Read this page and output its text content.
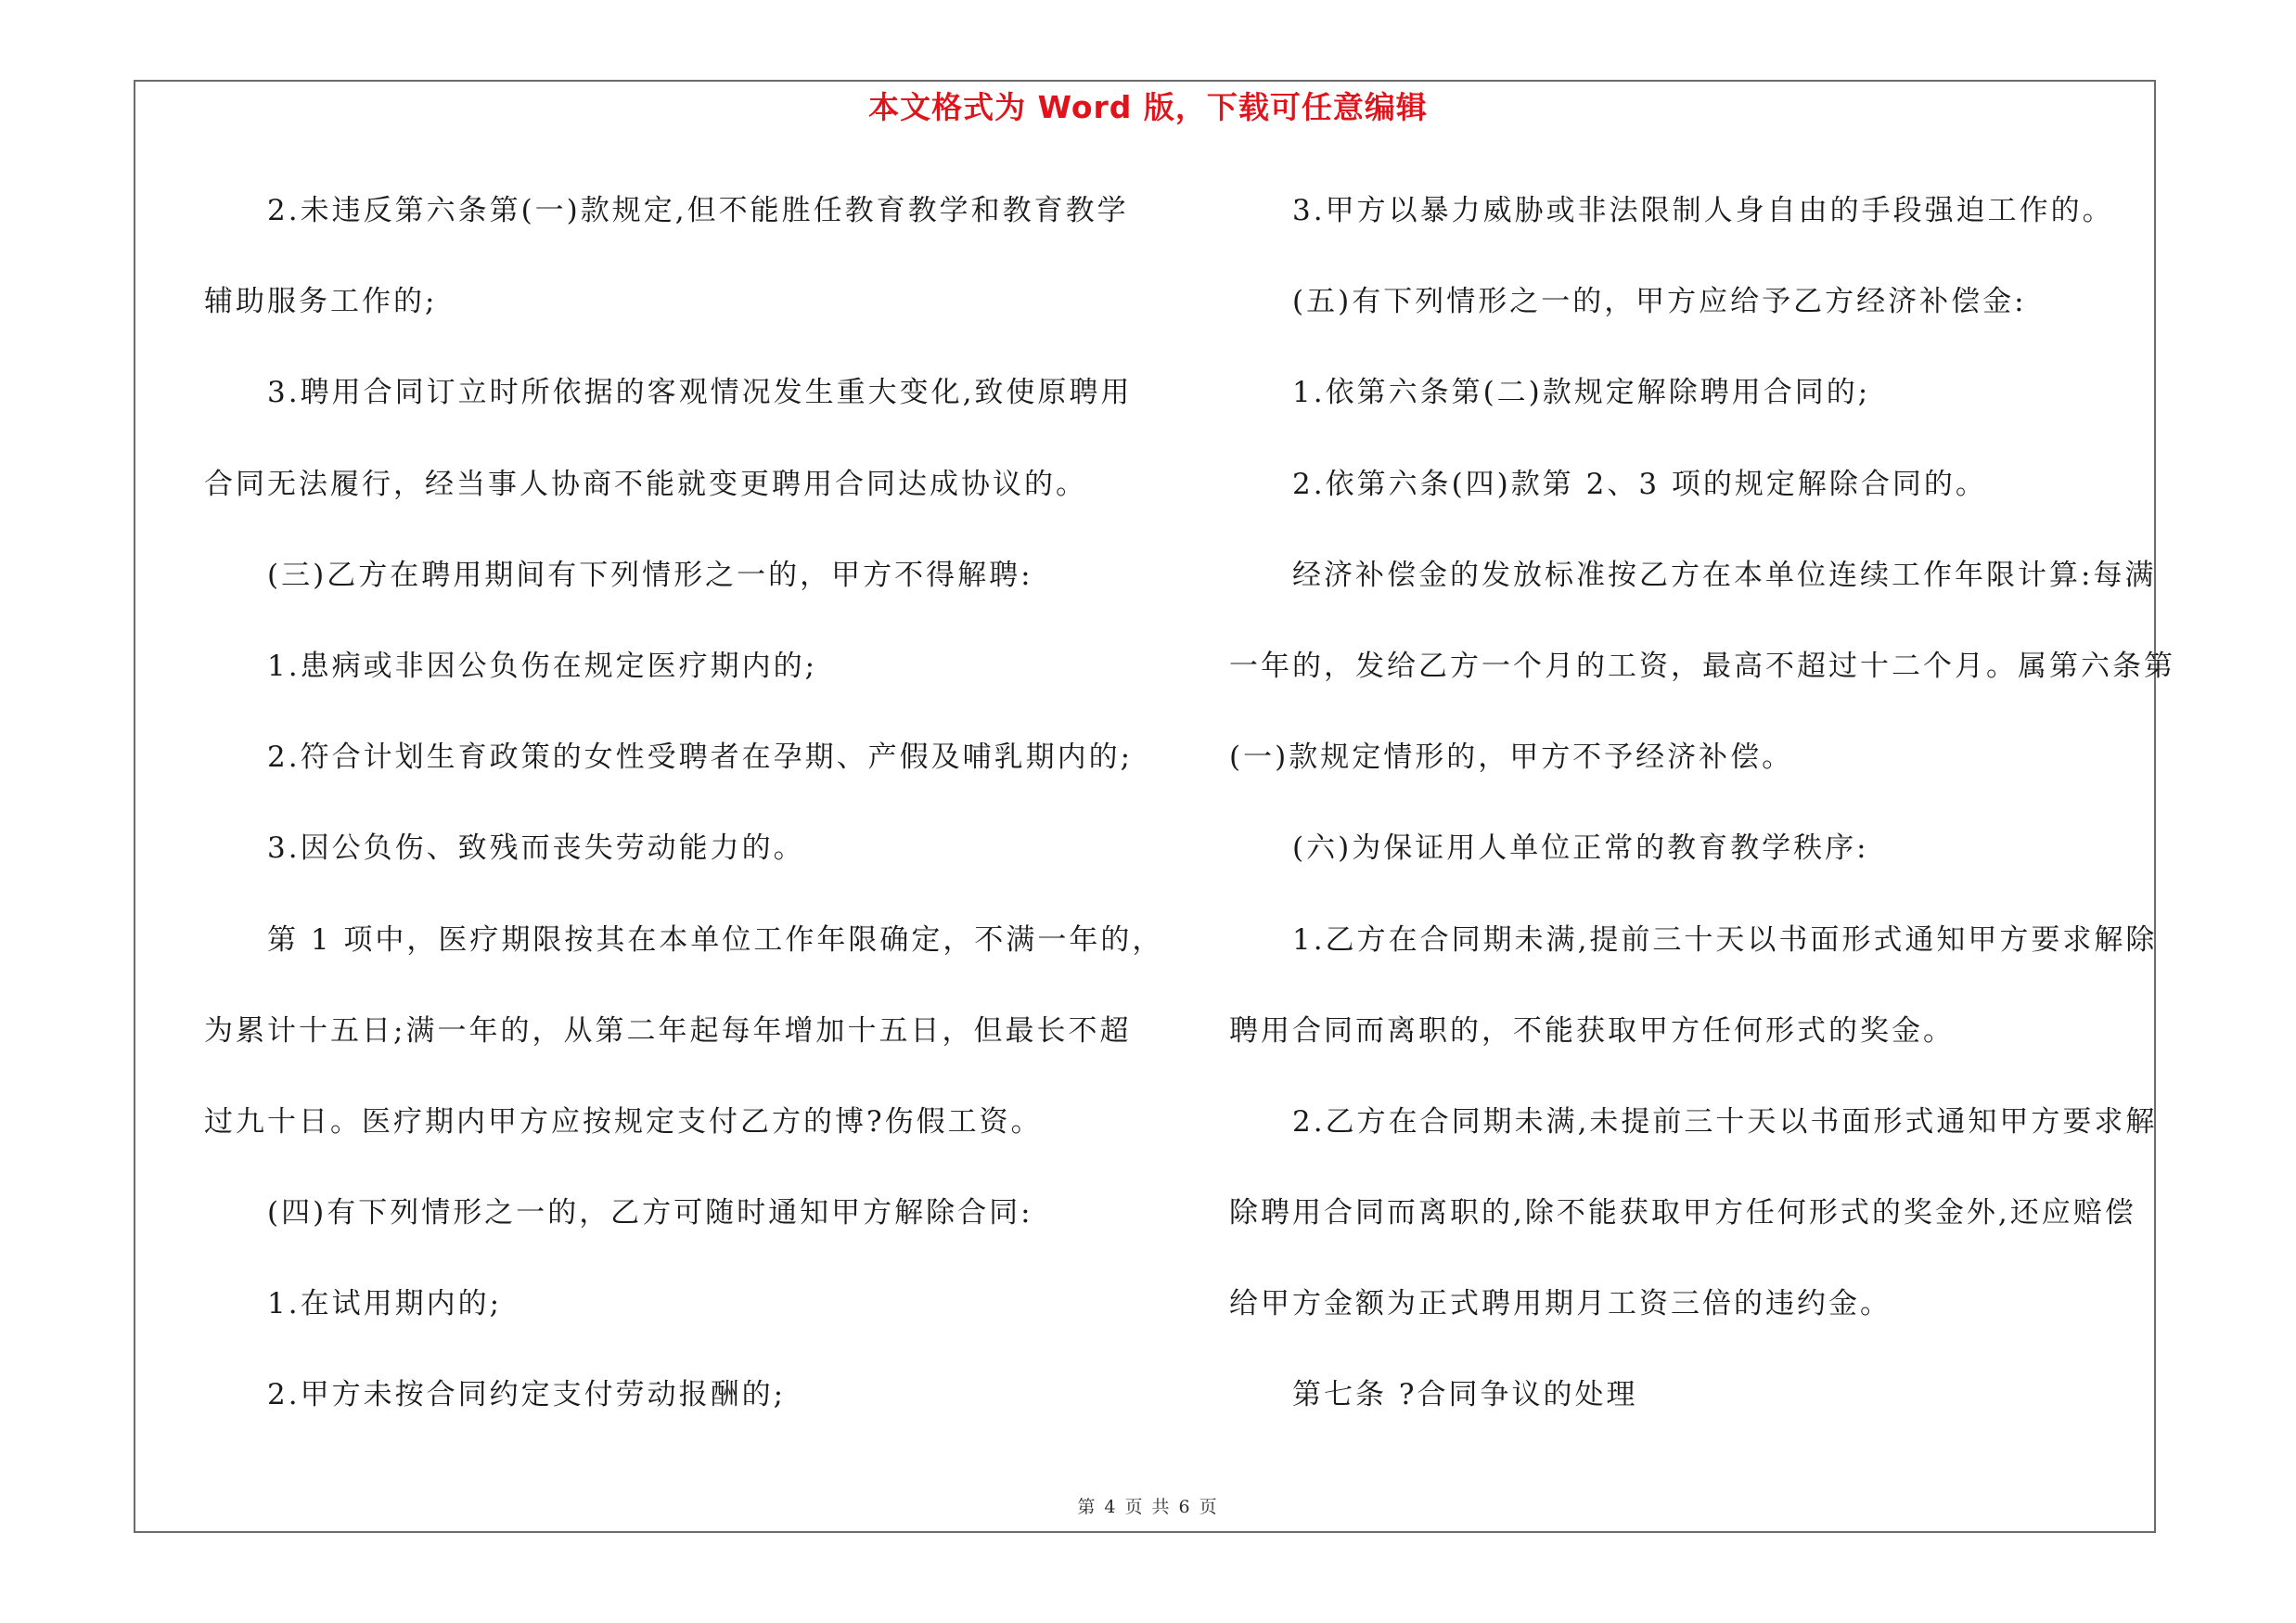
本文格式为 Word 版，下载可任意编辑
2.未违反第六条第(一)款规定,但不能胜任教育教学和教育教学
辅助服务工作的;
3.聘用合同订立时所依据的客观情况发生重大变化,致使原聘用
合同无法履行，经当事人协商不能就变更聘用合同达成协议的。
(三)乙方在聘用期间有下列情形之一的，甲方不得解聘:
1.患病或非因公负伤在规定医疗期内的;
2.符合计划生育政策的女性受聘者在孕期、产假及哺乳期内的;
3.因公负伤、致残而丧失劳动能力的。
第 1 项中，医疗期限按其在本单位工作年限确定，不满一年的，
为累计十五日;满一年的，从第二年起每年增加十五日，但最长不超
过九十日。医疗期内甲方应按规定支付乙方的博?伤假工资。
(四)有下列情形之一的，乙方可随时通知甲方解除合同:
1.在试用期内的;
2.甲方未按合同约定支付劳动报酬的;
3.甲方以暴力威胁或非法限制人身自由的手段强迫工作的。
(五)有下列情形之一的，甲方应给予乙方经济补偿金:
1.依第六条第(二)款规定解除聘用合同的;
2.依第六条(四)款第 2、3 项的规定解除合同的。
经济补偿金的发放标准按乙方在本单位连续工作年限计算:每满
一年的，发给乙方一个月的工资，最高不超过十二个月。属第六条第
(一)款规定情形的，甲方不予经济补偿。
(六)为保证用人单位正常的教育教学秩序:
1.乙方在合同期未满,提前三十天以书面形式通知甲方要求解除
聘用合同而离职的，不能获取甲方任何形式的奖金。
2.乙方在合同期未满,未提前三十天以书面形式通知甲方要求解
除聘用合同而离职的,除不能获取甲方任何形式的奖金外,还应赔偿
给甲方金额为正式聘用期月工资三倍的违约金。
第七条 ?合同争议的处理
第 4 页 共 6 页
